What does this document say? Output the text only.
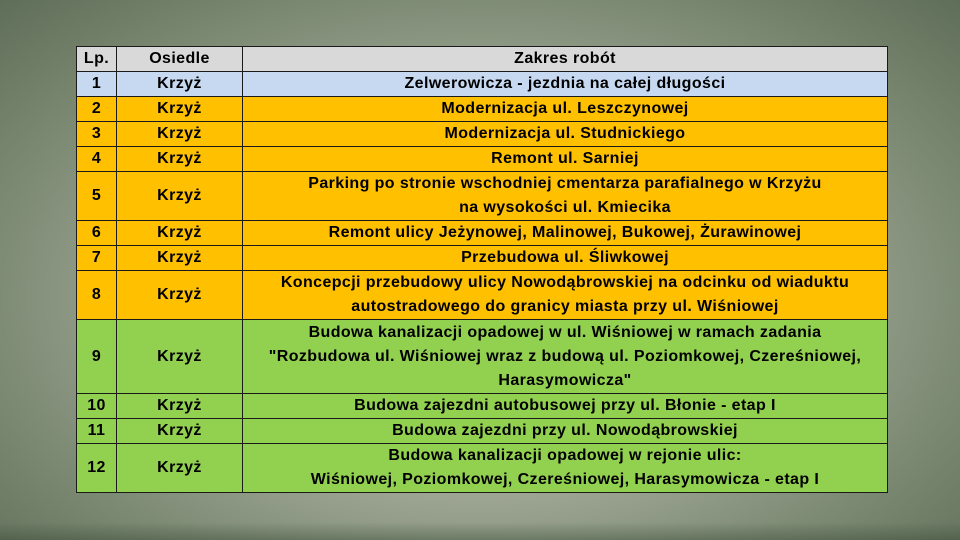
Lp.	Osiedle	Zakres robót
1	Krzyż	Zelwerowicza - jezdnia na całej długości

2	Krzyż	Modernizacja ul. Leszczynowej

3	Krzyż	Modernizacja ul. Studnickiego

4	Krzyż	Remont ul. Sarniej

5	Krzyż	Parking po stronie wschodniej cmentarza parafialnego w Krzyżu
na wysokości ul. Kmiecika

6	Krzyż	Remont ulicy Jeżynowej, Malinowej, Bukowej, Żurawinowej

7	Krzyż	Przebudowa ul. Śliwkowej

8	Krzyż	Koncepcji przebudowy ulicy Nowodąbrowskiej na odcinku od wiaduktu
autostradowego do granicy miasta przy ul. Wiśniowej

9	Krzyż	Budowa kanalizacji opadowej w ul. Wiśniowej w ramach zadania
"Rozbudowa ul. Wiśniowej wraz z budową ul. Poziomkowej, Czereśniowej,
Harasymowicza"

10	Krzyż	Budowa zajezdni autobusowej przy ul. Błonie - etap I

11	Krzyż	Budowa zajezdni przy ul. Nowodąbrowskiej

12	Krzyż	Budowa kanalizacji opadowej w rejonie ulic:
Wiśniowej, Poziomkowej, Czereśniowej, Harasymowicza - etap I
